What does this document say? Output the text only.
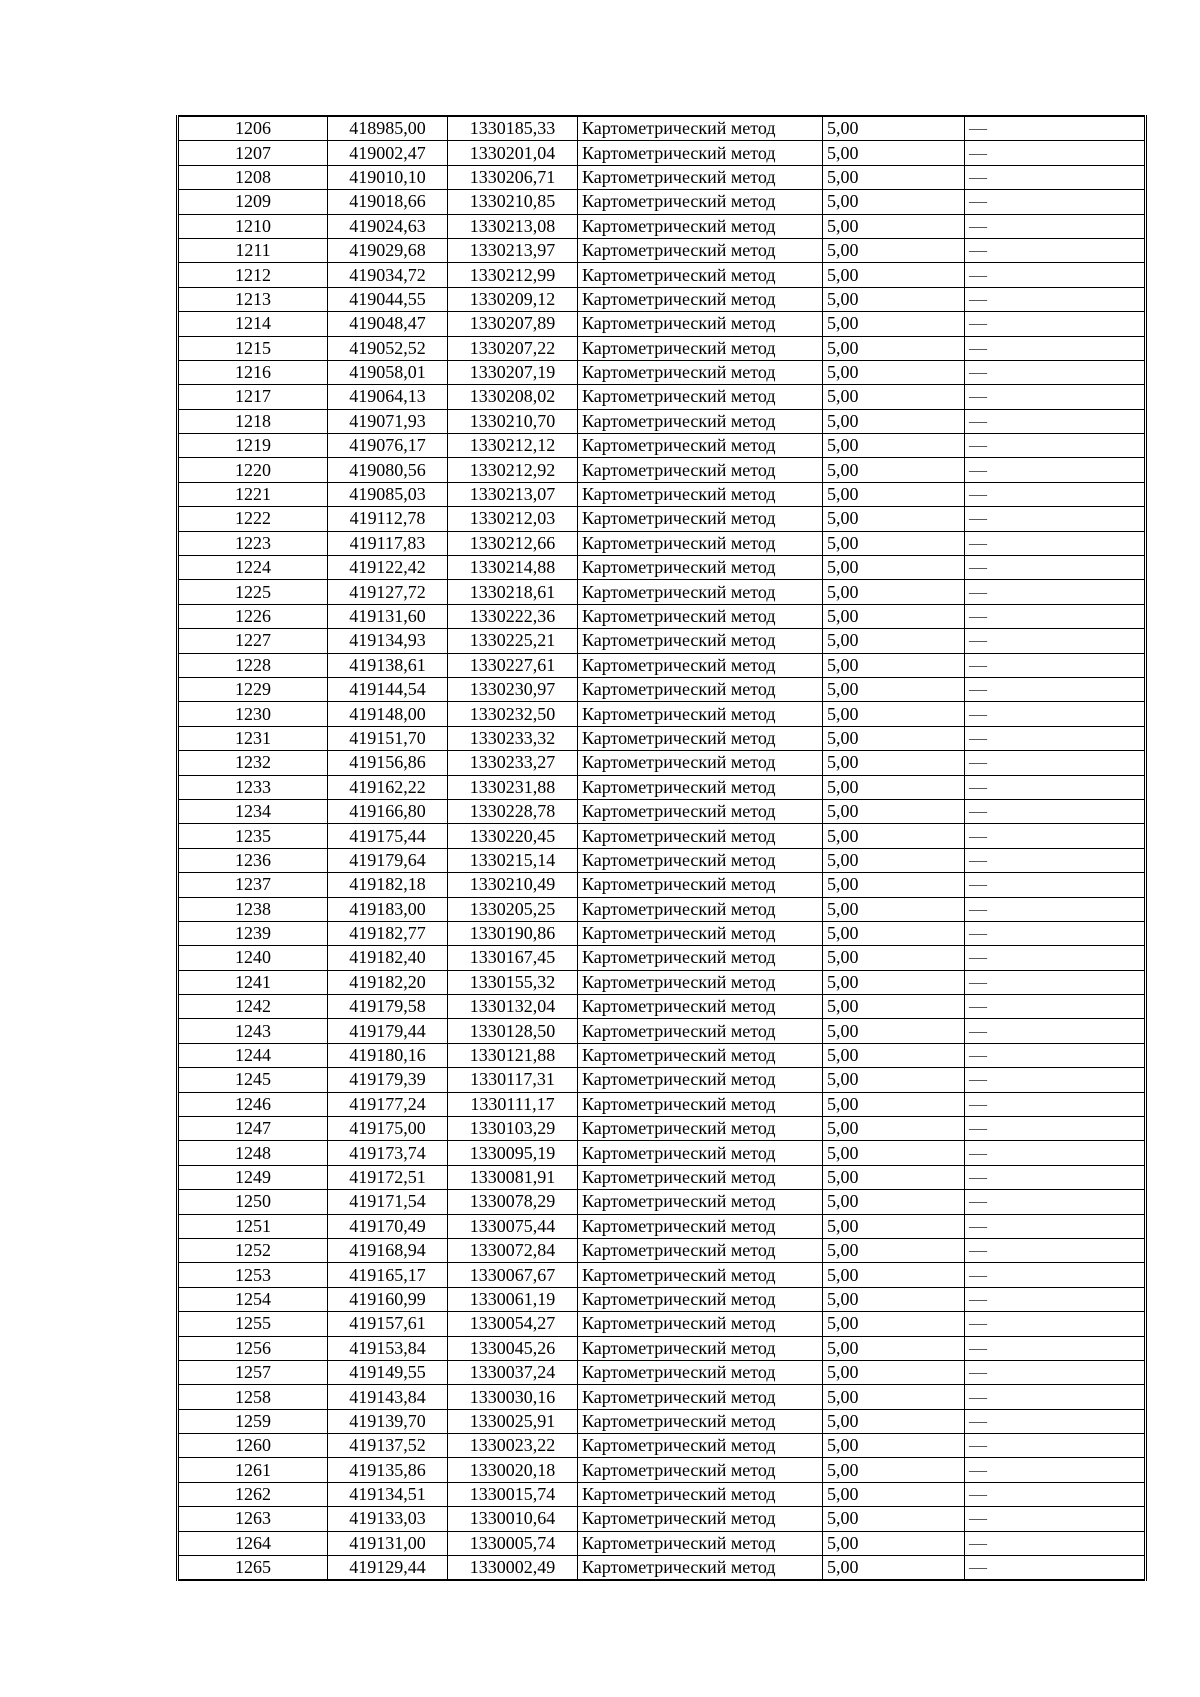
1206	418985,00	1330185,33	Картометрический метод	5,00	—
1207	419002,47	1330201,04	Картометрический метод	5,00	—
1208	419010,10	1330206,71	Картометрический метод	5,00	—
1209	419018,66	1330210,85	Картометрический метод	5,00	—
1210	419024,63	1330213,08	Картометрический метод	5,00	—
1211	419029,68	1330213,97	Картометрический метод	5,00	—
1212	419034,72	1330212,99	Картометрический метод	5,00	—
1213	419044,55	1330209,12	Картометрический метод	5,00	—
1214	419048,47	1330207,89	Картометрический метод	5,00	—
1215	419052,52	1330207,22	Картометрический метод	5,00	—
1216	419058,01	1330207,19	Картометрический метод	5,00	—
1217	419064,13	1330208,02	Картометрический метод	5,00	—
1218	419071,93	1330210,70	Картометрический метод	5,00	—
1219	419076,17	1330212,12	Картометрический метод	5,00	—
1220	419080,56	1330212,92	Картометрический метод	5,00	—
1221	419085,03	1330213,07	Картометрический метод	5,00	—
1222	419112,78	1330212,03	Картометрический метод	5,00	—
1223	419117,83	1330212,66	Картометрический метод	5,00	—
1224	419122,42	1330214,88	Картометрический метод	5,00	—
1225	419127,72	1330218,61	Картометрический метод	5,00	—
1226	419131,60	1330222,36	Картометрический метод	5,00	—
1227	419134,93	1330225,21	Картометрический метод	5,00	—
1228	419138,61	1330227,61	Картометрический метод	5,00	—
1229	419144,54	1330230,97	Картометрический метод	5,00	—
1230	419148,00	1330232,50	Картометрический метод	5,00	—
1231	419151,70	1330233,32	Картометрический метод	5,00	—
1232	419156,86	1330233,27	Картометрический метод	5,00	—
1233	419162,22	1330231,88	Картометрический метод	5,00	—
1234	419166,80	1330228,78	Картометрический метод	5,00	—
1235	419175,44	1330220,45	Картометрический метод	5,00	—
1236	419179,64	1330215,14	Картометрический метод	5,00	—
1237	419182,18	1330210,49	Картометрический метод	5,00	—
1238	419183,00	1330205,25	Картометрический метод	5,00	—
1239	419182,77	1330190,86	Картометрический метод	5,00	—
1240	419182,40	1330167,45	Картометрический метод	5,00	—
1241	419182,20	1330155,32	Картометрический метод	5,00	—
1242	419179,58	1330132,04	Картометрический метод	5,00	—
1243	419179,44	1330128,50	Картометрический метод	5,00	—
1244	419180,16	1330121,88	Картометрический метод	5,00	—
1245	419179,39	1330117,31	Картометрический метод	5,00	—
1246	419177,24	1330111,17	Картометрический метод	5,00	—
1247	419175,00	1330103,29	Картометрический метод	5,00	—
1248	419173,74	1330095,19	Картометрический метод	5,00	—
1249	419172,51	1330081,91	Картометрический метод	5,00	—
1250	419171,54	1330078,29	Картометрический метод	5,00	—
1251	419170,49	1330075,44	Картометрический метод	5,00	—
1252	419168,94	1330072,84	Картометрический метод	5,00	—
1253	419165,17	1330067,67	Картометрический метод	5,00	—
1254	419160,99	1330061,19	Картометрический метод	5,00	—
1255	419157,61	1330054,27	Картометрический метод	5,00	—
1256	419153,84	1330045,26	Картометрический метод	5,00	—
1257	419149,55	1330037,24	Картометрический метод	5,00	—
1258	419143,84	1330030,16	Картометрический метод	5,00	—
1259	419139,70	1330025,91	Картометрический метод	5,00	—
1260	419137,52	1330023,22	Картометрический метод	5,00	—
1261	419135,86	1330020,18	Картометрический метод	5,00	—
1262	419134,51	1330015,74	Картометрический метод	5,00	—
1263	419133,03	1330010,64	Картометрический метод	5,00	—
1264	419131,00	1330005,74	Картометрический метод	5,00	—
1265	419129,44	1330002,49	Картометрический метод	5,00	—
